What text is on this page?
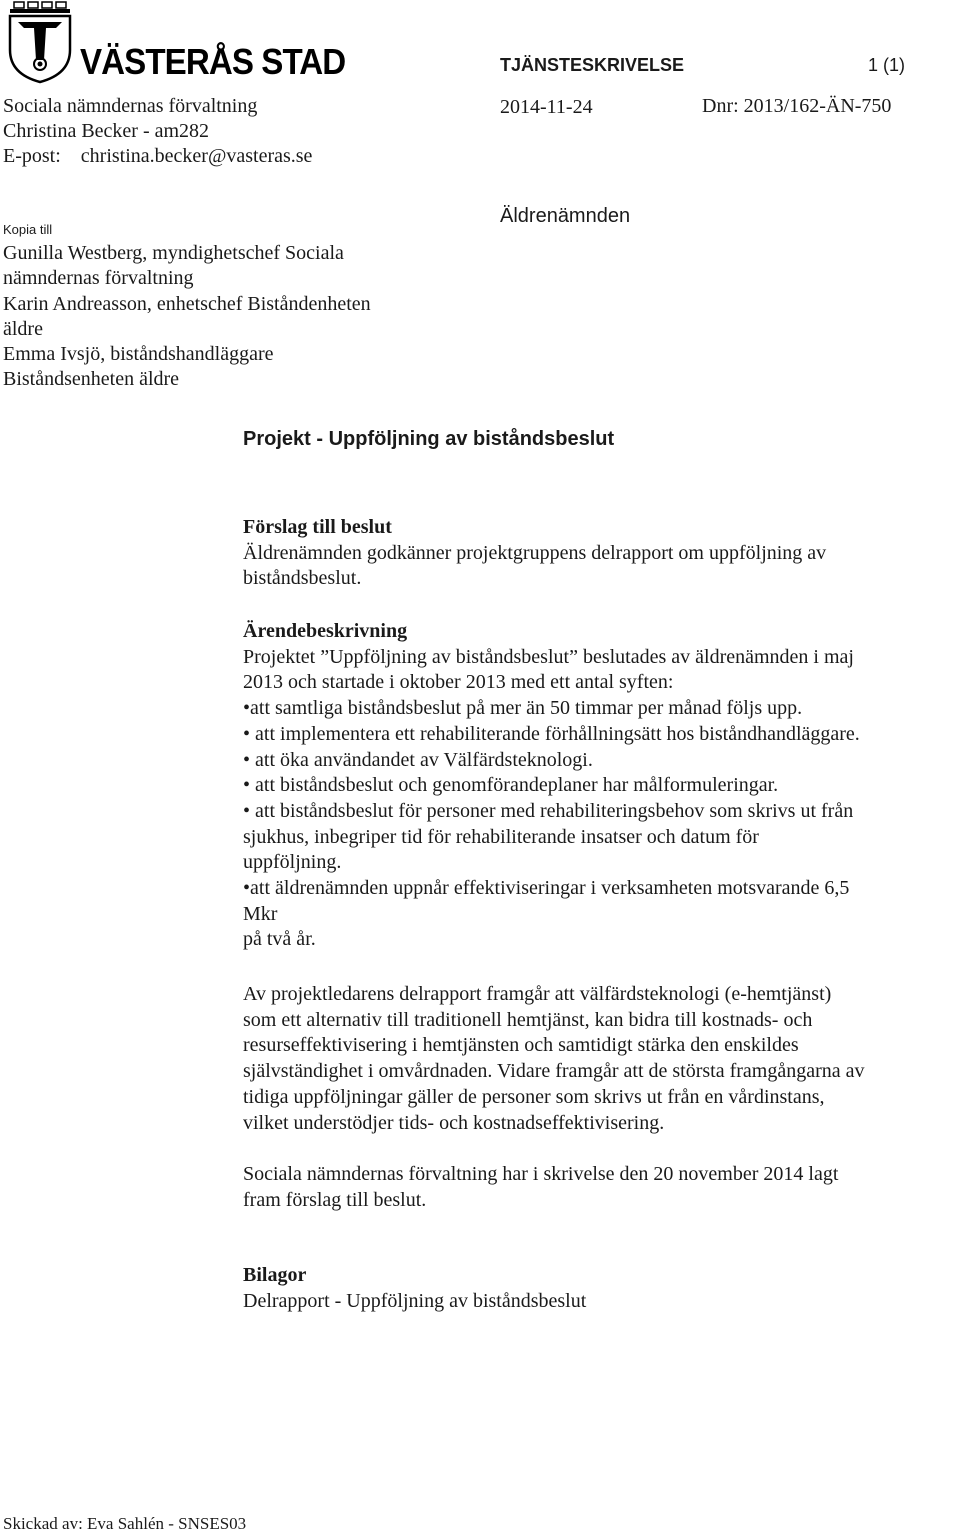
VÄSTERÅS STAD	TJÄNSTESKRIVELSE	1 (1)
Sociala nämndernas förvaltning	2014-11-24	Dnr: 2013/162-ÄN-750
Christina Becker - am282
E-post: christina.becker@vasteras.se
Kopia till
Gunilla Westberg, myndighetschef Sociala
nämndernas förvaltning
Karin Andreasson, enhetschef Biståndenheten
äldre
Emma Ivsjö, biståndshandläggare
Biståndsenheten äldre
Äldrenämnden
Projekt - Uppföljning av biståndsbeslut

Förslag till beslut

Äldrenämnden godkänner projektgruppens delrapport om uppföljning av

biståndsbeslut.

Ärendebeskrivning

Projektet ”Uppföljning av biståndsbeslut” beslutades av äldrenämnden i maj

2013 och startade i oktober 2013 med ett antal syften:

• att samtliga biståndsbeslut på mer än 50 timmar per månad följs upp.
• att implementera ett rehabiliterande förhållningsätt hos biståndhandläggare.
• att öka användandet av Välfärdsteknologi.
• att biståndsbeslut och genomförandeplaner har målformuleringar.
• att biståndsbeslut för personer med rehabiliteringsbehov som skrivs ut från

sjukhus, inbegriper tid för rehabiliterande insatser och datum för

uppföljning.

• att äldrenämnden uppnår effektiviseringar i verksamheten motsvarande 6,5

Mkr

på två år.

Av projektledarens delrapport framgår att välfärdsteknologi (e-hemtjänst)

som ett alternativ till traditionell hemtjänst, kan bidra till kostnads- och

resurseffektivisering i hemtjänsten och samtidigt stärka den enskildes

självständighet i omvårdnaden. Vidare framgår att de största framgångarna av

tidiga uppföljningar gäller de personer som skrivs ut från en vårdinstans,

vilket understödjer tids- och kostnadseffektivisering.

Sociala nämndernas förvaltning har i skrivelse den 20 november 2014 lagt

fram förslag till beslut.

Bilagor

Delrapport - Uppföljning av biståndsbeslut

Skickad av: Eva Sahlén - SNSES03
